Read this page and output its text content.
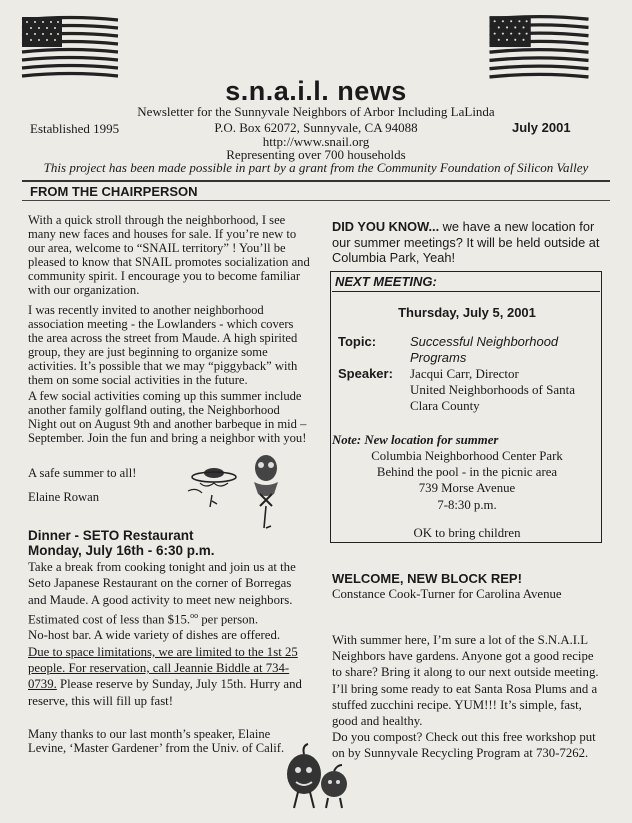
s.n.a.i.l. news
Newsletter for the Sunnyvale Neighbors of Arbor Including LaLinda
Established 1995	P.O. Box 62072, Sunnyvale, CA 94088	July 2001
http://www.snail.org
Representing over 700 households
This project has been made possible in part by a grant from the Community Foundation of Silicon Valley
FROM THE CHAIRPERSON

With a quick stroll through the neighborhood, I see many new faces and houses for sale. If you’re new to our area, welcome to “SNAIL territory” ! You’ll be pleased to know that SNAIL promotes socialization and community spirit. I encourage you to become familiar with our organization.

I was recently invited to another neighborhood association meeting - the Lowlanders - which covers the area across the street from Maude. A high spirited group, they are just beginning to organize some activities. It’s possible that we may “piggyback” with them on some social activities in the future.

A few social activities coming up this summer include another family golfland outing, the Neighborhood Night out on August 9th and another barbeque in mid –September. Join the fun and bring a neighbor with you!

A safe summer to all!

Elaine Rowan

Dinner - SETO Restaurant
Monday, July 16th - 6:30 p.m.

Take a break from cooking tonight and join us at the Seto Japanese Restaurant on the corner of Borregas and Maude. A good activity to meet new neighbors. Estimated cost of less than $15.$^{oo}$ per person.

No-host bar. A wide variety of dishes are offered.

Due to space limitations, we are limited to the 1st 25 people. For reservation, call Jeannie Biddle at 734-0739. Please reserve by Sunday, July 15th. Hurry and reserve, this will fill up fast!

Many thanks to our last month’s speaker, Elaine Levine, ‘Master Gardener’ from the Univ. of Calif.

DID YOU KNOW... we have a new location for our summer meetings? It will be held outside at Columbia Park, Yeah!

NEXT MEETING:
Thursday, July 5, 2001
Topic:	Successful Neighborhood Programs
Speaker: Jacqui Carr, Director
United Neighborhoods of Santa Clara County
Note: New location for summer
Columbia Neighborhood Center Park
Behind the pool - in the picnic area
739 Morse Avenue
7-8:30 p.m.
OK to bring children
WELCOME, NEW BLOCK REP!
Constance Cook-Turner for Carolina Avenue

With summer here, I’m sure a lot of the S.N.A.I.L Neighbors have gardens. Anyone got a good recipe to share? Bring it along to our next outside meeting. I’ll bring some ready to eat Santa Rosa Plums and a stuffed zucchini recipe. YUM!!! It’s simple, fast, good and healthy.

Do you compost? Check out this free workshop put on by Sunnyvale Recycling Program at 730-7262.
